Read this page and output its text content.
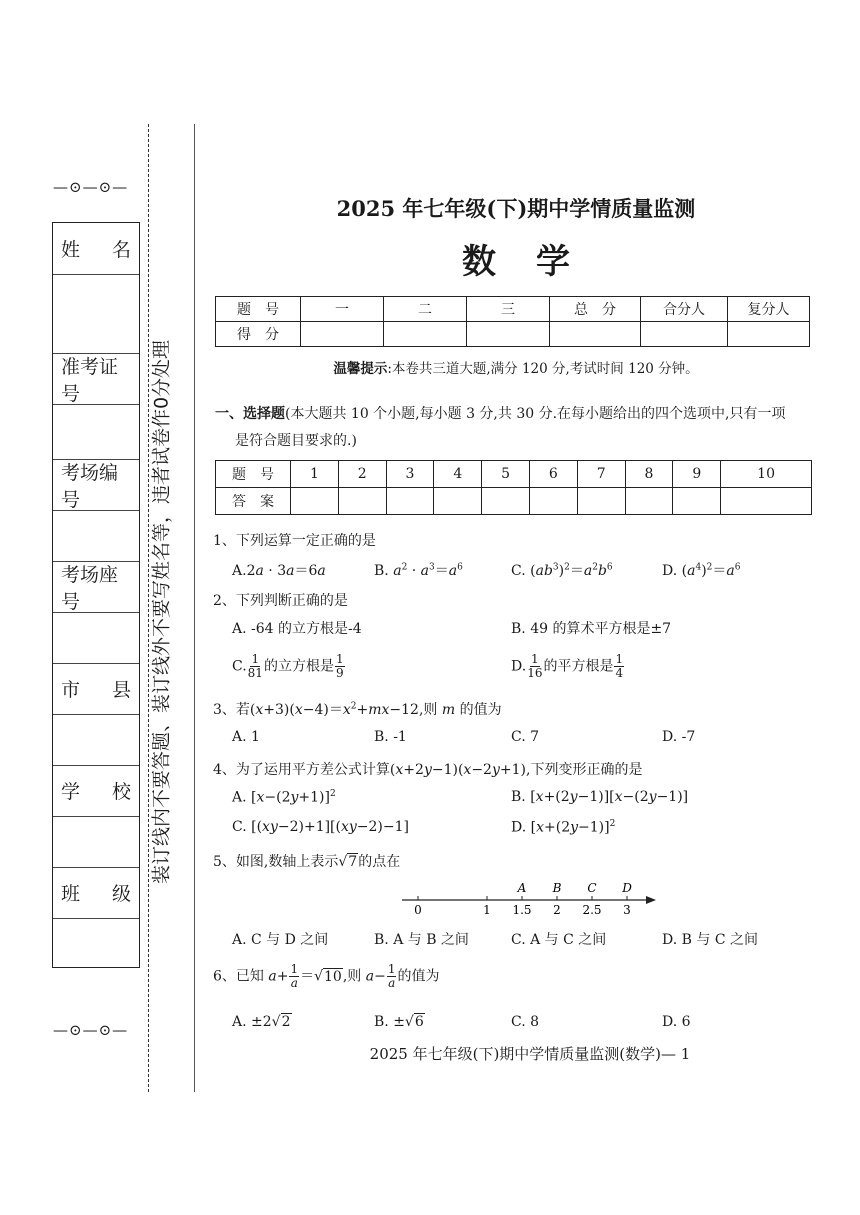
—⊙—⊙—
姓 名
准考证号
考场编号
考场座号
市 县
学 校
班 级
—⊙—⊙—
装订线内不要答题、装订线外不要写姓名等，违者试卷作0分处理
2025 年七年级(下)期中学情质量监测
数学
题　号	一	二	三	总　分	合分人	复分人
得　分						
温馨提示:本卷共三道大题,满分 120 分,考试时间 120 分钟。
一、选择题(本大题共 10 个小题,每小题 3 分,共 30 分.在每小题给出的四个选项中,只有一项
是符合题目要求的.)
题　号	1	2	3	4	5	6	7	8	9	10
答　案										
1、下列运算一定正确的是
A.2a · 3a＝6a	B. $a^2 \cdot a^3=a^6$	C. $(ab^3)^2=a^2b^6$	D. $(a^4)^2=a^6$
2、下列判断正确的是
A. -64 的立方根是-4	B. 49 的算术平方根是±7
C. $\frac{1}{81}$ 的立方根是 $\frac{1}{9}$	D. $\frac{1}{16}$ 的平方根是 $\frac{1}{4}$
3、若$(x+3)(x-4)=x^2+mx-12$,则 m 的值为
A. 1	B. -1	C. 7	D. -7
4、为了运用平方差公式计算(x+2y−1)(x−2y+1),下列变形正确的是
A. $[x-(2y+1)]^2$	B. [x+(2y−1)][x−(2y−1)]
C. [(xy−2)+1][(xy−2)−1]	D. $[x+(2y-1)]^2$
5、如图,数轴上表示√7的点在
0	1 1.5 2 2.5 3
A B C D
A. C 与 D 之间	B. A 与 B 之间	C. A 与 C 之间	D. B 与 C 之间
6、已知 $a+ \frac{1}{a} =√10$,则 $a- \frac{1}{a}$ 的值为
A. ±2√2	B. ±√6	C. 8	D. 6
2025 年七年级(下)期中学情质量监测(数学)— 1
